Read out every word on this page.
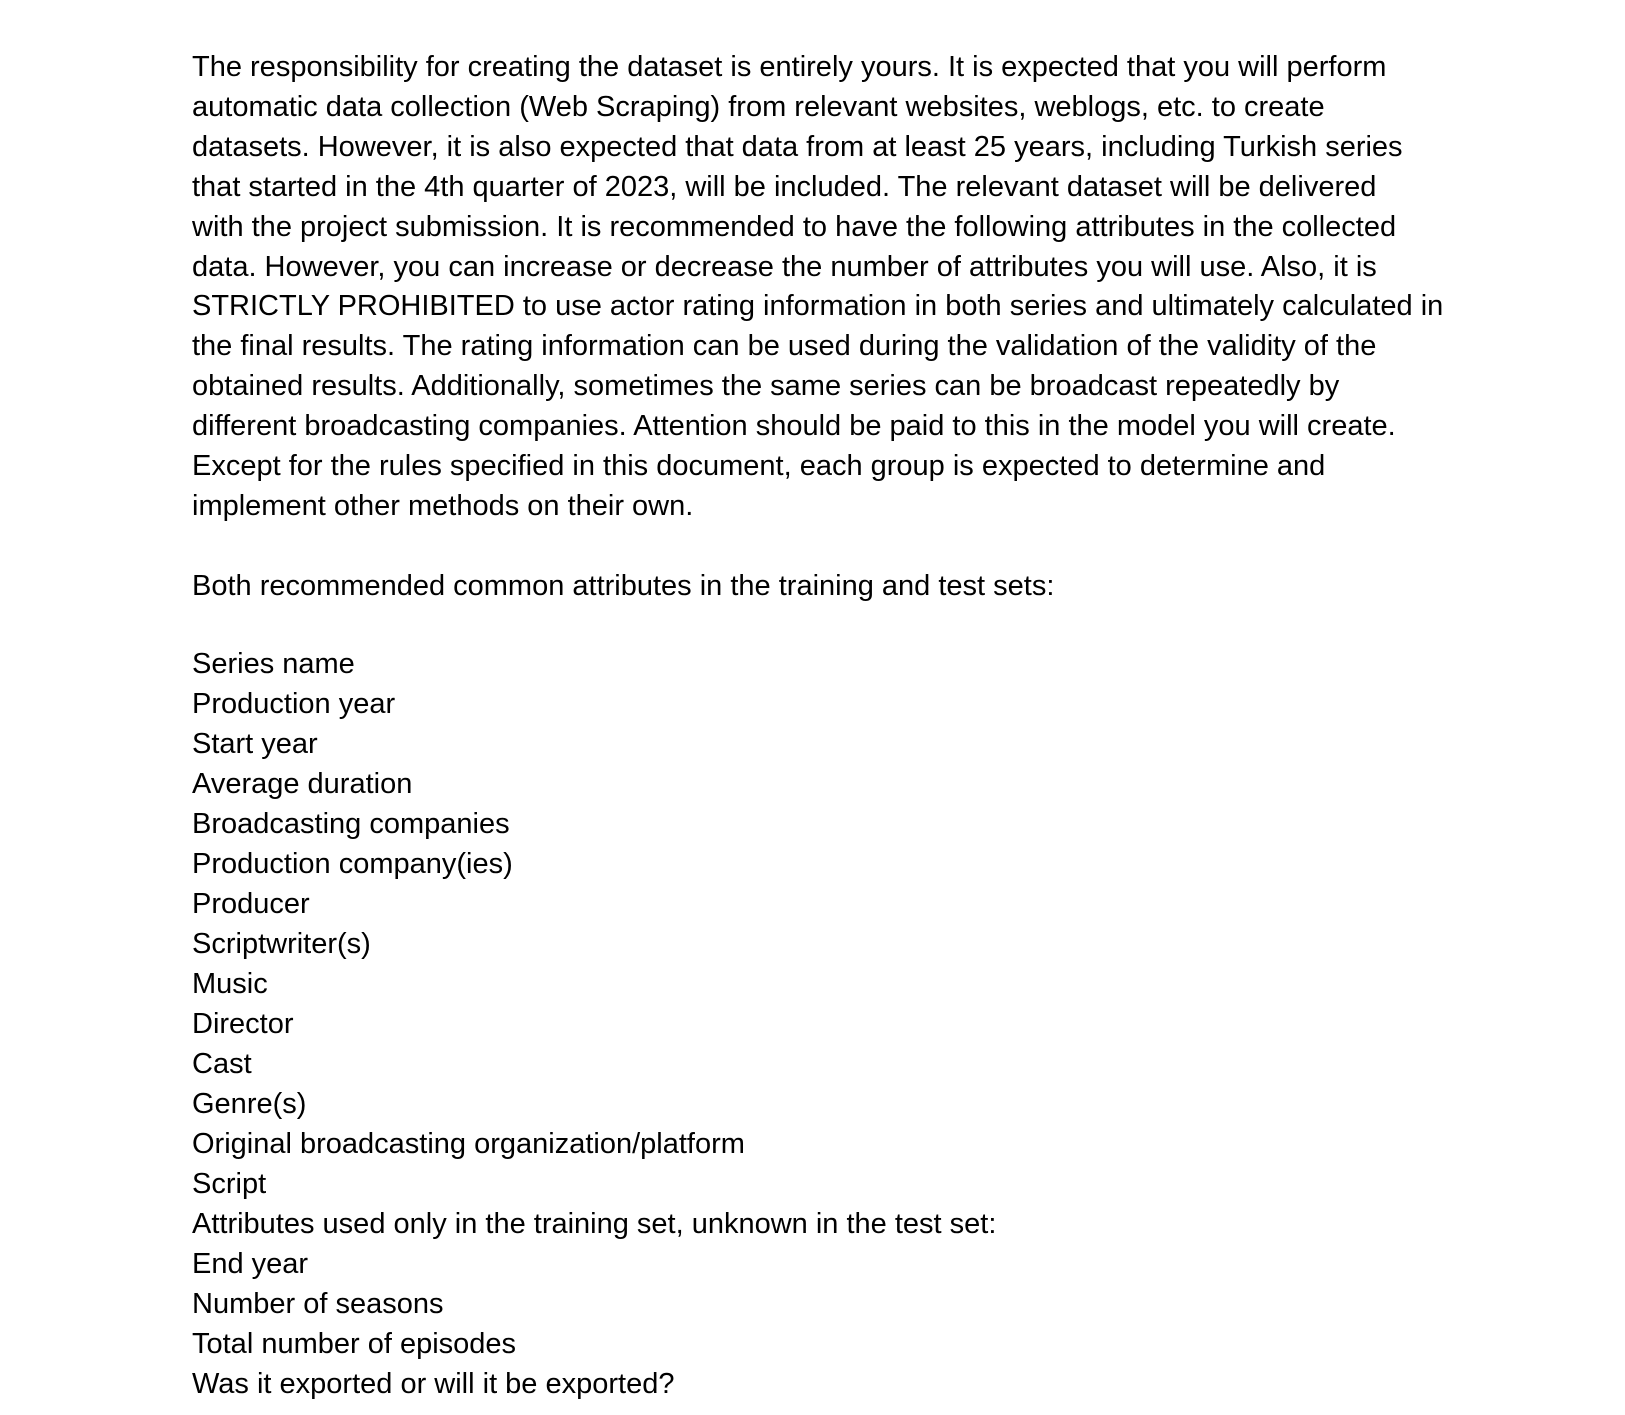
The responsibility for creating the dataset is entirely yours. It is expected that you will perform
automatic data collection (Web Scraping) from relevant websites, weblogs, etc. to create
datasets. However, it is also expected that data from at least 25 years, including Turkish series
that started in the 4th quarter of 2023, will be included. The relevant dataset will be delivered
with the project submission. It is recommended to have the following attributes in the collected
data. However, you can increase or decrease the number of attributes you will use. Also, it is
STRICTLY PROHIBITED to use actor rating information in both series and ultimately calculated in
the final results. The rating information can be used during the validation of the validity of the
obtained results. Additionally, sometimes the same series can be broadcast repeatedly by
different broadcasting companies. Attention should be paid to this in the model you will create.
Except for the rules specified in this document, each group is expected to determine and
implement other methods on their own.

Both recommended common attributes in the training and test sets:
Series name
Production year
Start year
Average duration
Broadcasting companies
Production company(ies)
Producer
Scriptwriter(s)
Music
Director
Cast
Genre(s)
Original broadcasting organization/platform
Script
Attributes used only in the training set, unknown in the test set:
End year
Number of seasons
Total number of episodes
Was it exported or will it be exported?
